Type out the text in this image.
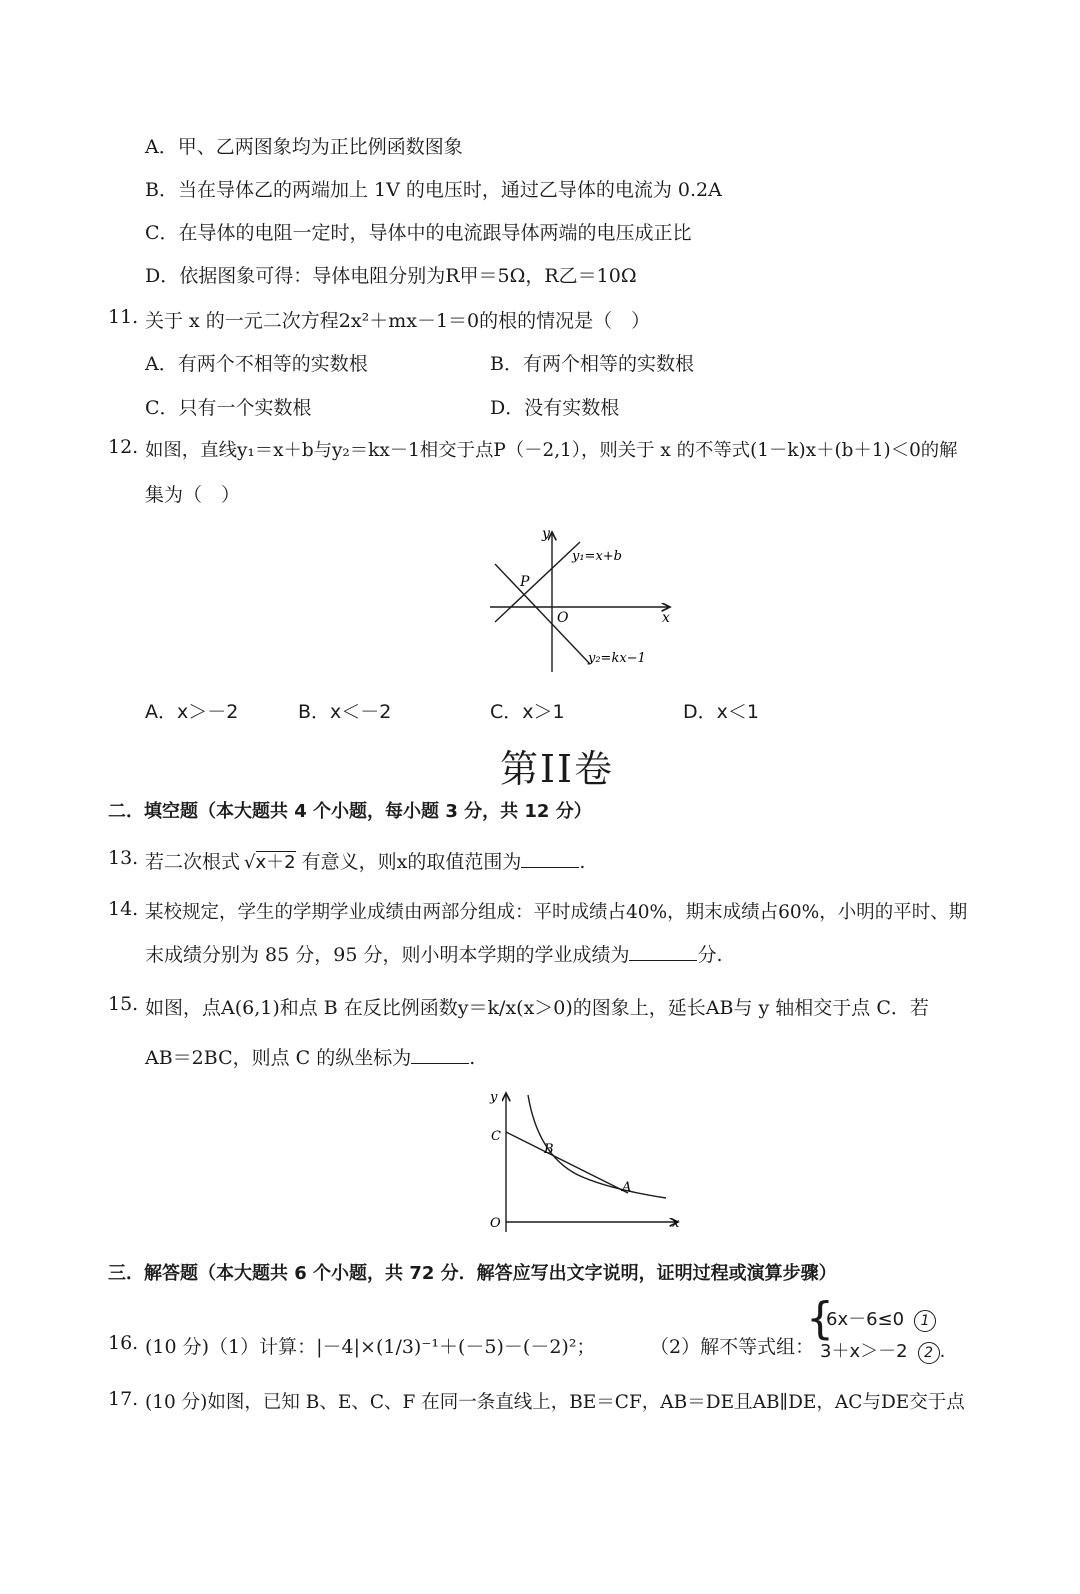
A．甲、乙两图象均为正比例函数图象
B．当在导体乙的两端加上 1V 的电压时，通过乙导体的电流为 0.2A
C．在导体的电阻一定时，导体中的电流跟导体两端的电压成正比
D．依据图象可得：导体电阻分别为R甲＝5Ω，R乙＝10Ω
11. 关于 x 的一元二次方程2x²＋mx－1＝0的根的情况是（　）
A．有两个不相等的实数根	B．有两个相等的实数根
C．只有一个实数根	D．没有实数根
12. 如图，直线y₁＝x＋b与y₂＝kx－1相交于点P（－2,1），则关于 x 的不等式(1－k)x＋(b＋1)＜0的解
集为（　）
y
x
O
P
y₁=x+b
y₂=kx−1
A．x＞－2	B．x＜－2	C．x＞1	D．x＜1
第II卷
二．填空题（本大题共 4 个小题，每小题 3 分，共 12 分）
13. 若二次根式 √x＋2 有意义，则x的取值范围为	.
14. 某校规定，学生的学期学业成绩由两部分组成：平时成绩占40%，期末成绩占60%，小明的平时、期
末成绩分别为 85 分，95 分，则小明本学期的学业成绩为	分.
15. 如图，点A(6,1)和点 B 在反比例函数y＝k/x(x＞0)的图象上，延长AB与 y 轴相交于点 C．若
AB＝2BC，则点 C 的纵坐标为	.
y
x
O
C
B
A
三．解答题（本大题共 6 个小题，共 72 分．解答应写出文字说明，证明过程或演算步骤）
16. (10 分)（1）计算：|－4|×(1/3)⁻¹＋(－5)－(－2)²；	（2）解不等式组：
{
6x－6≤0 1
3＋x＞－2 2 .
17. (10 分)如图，已知 B、E、C、F 在同一条直线上，BE＝CF，AB＝DE且AB∥DE，AC与DE交于点
